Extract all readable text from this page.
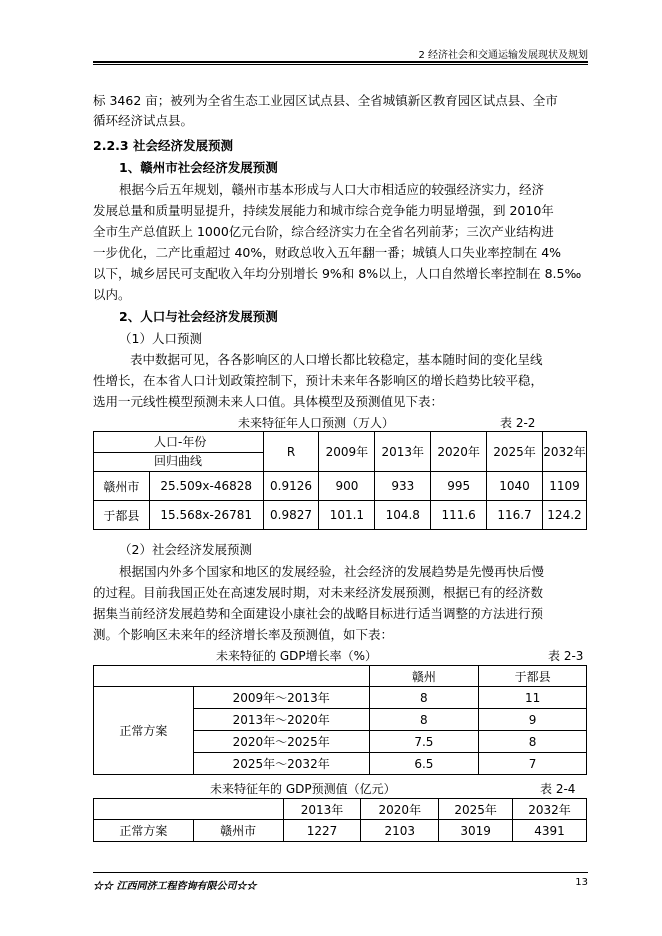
2 经济社会和交通运输发展现状及规划
标 3462 亩；被列为全省生态工业园区试点县、全省城镇新区教育园区试点县、全市
循环经济试点县。
2.2.3 社会经济发展预测
1、赣州市社会经济发展预测
根据今后五年规划，赣州市基本形成与人口大市相适应的较强经济实力，经济
发展总量和质量明显提升，持续发展能力和城市综合竞争能力明显增强，到 2010年
全市生产总值跃上 1000亿元台阶，综合经济实力在全省名列前茅；三次产业结构进
一步优化，二产比重超过 40%，财政总收入五年翻一番；城镇人口失业率控制在 4%
以下，城乡居民可支配收入年均分别增长 9%和 8%以上，人口自然增长率控制在 8.5‰
以内。
2、人口与社会经济发展预测
（1）人口预测
表中数据可见，各各影响区的人口增长都比较稳定，基本随时间的变化呈线
性增长，在本省人口计划政策控制下，预计未来年各影响区的增长趋势比较平稳，
选用一元线性模型预测未来人口值。具体模型及预测值见下表：
未来特征年人口预测（万人）	表 2-2
人口-年份
回归曲线		R	2009年	2013年	2020年	2025年	2032年

赣州市	25.509x-46828	0.9126	900	933	995	1040	1109
于都县	15.568x-26781	0.9827	101.1	104.8	111.6	116.7	124.2
（2）社会经济发展预测
根据国内外多个国家和地区的发展经验，社会经济的发展趋势是先慢再快后慢
的过程。目前我国正处在高速发展时期，对未来经济发展预测，根据已有的经济数
据集当前经济发展趋势和全面建设小康社会的战略目标进行适当调整的方法进行预
测。个影响区未来年的经济增长率及预测值，如下表：
未来特征的 GDP增长率（%）	表 2-3
		赣州	于都县
正常方案	2009年～2013年	8	11
	2013年～2020年	8	9
	2020年～2025年	7.5	8
	2025年～2032年	6.5	7
未来特征年的 GDP预测值（亿元）	表 2-4
		2013年	2020年	2025年	2032年
正常方案	赣州市	1227	2103	3019	4391
☆☆ 江西同济工程咨询有限公司☆☆	13
